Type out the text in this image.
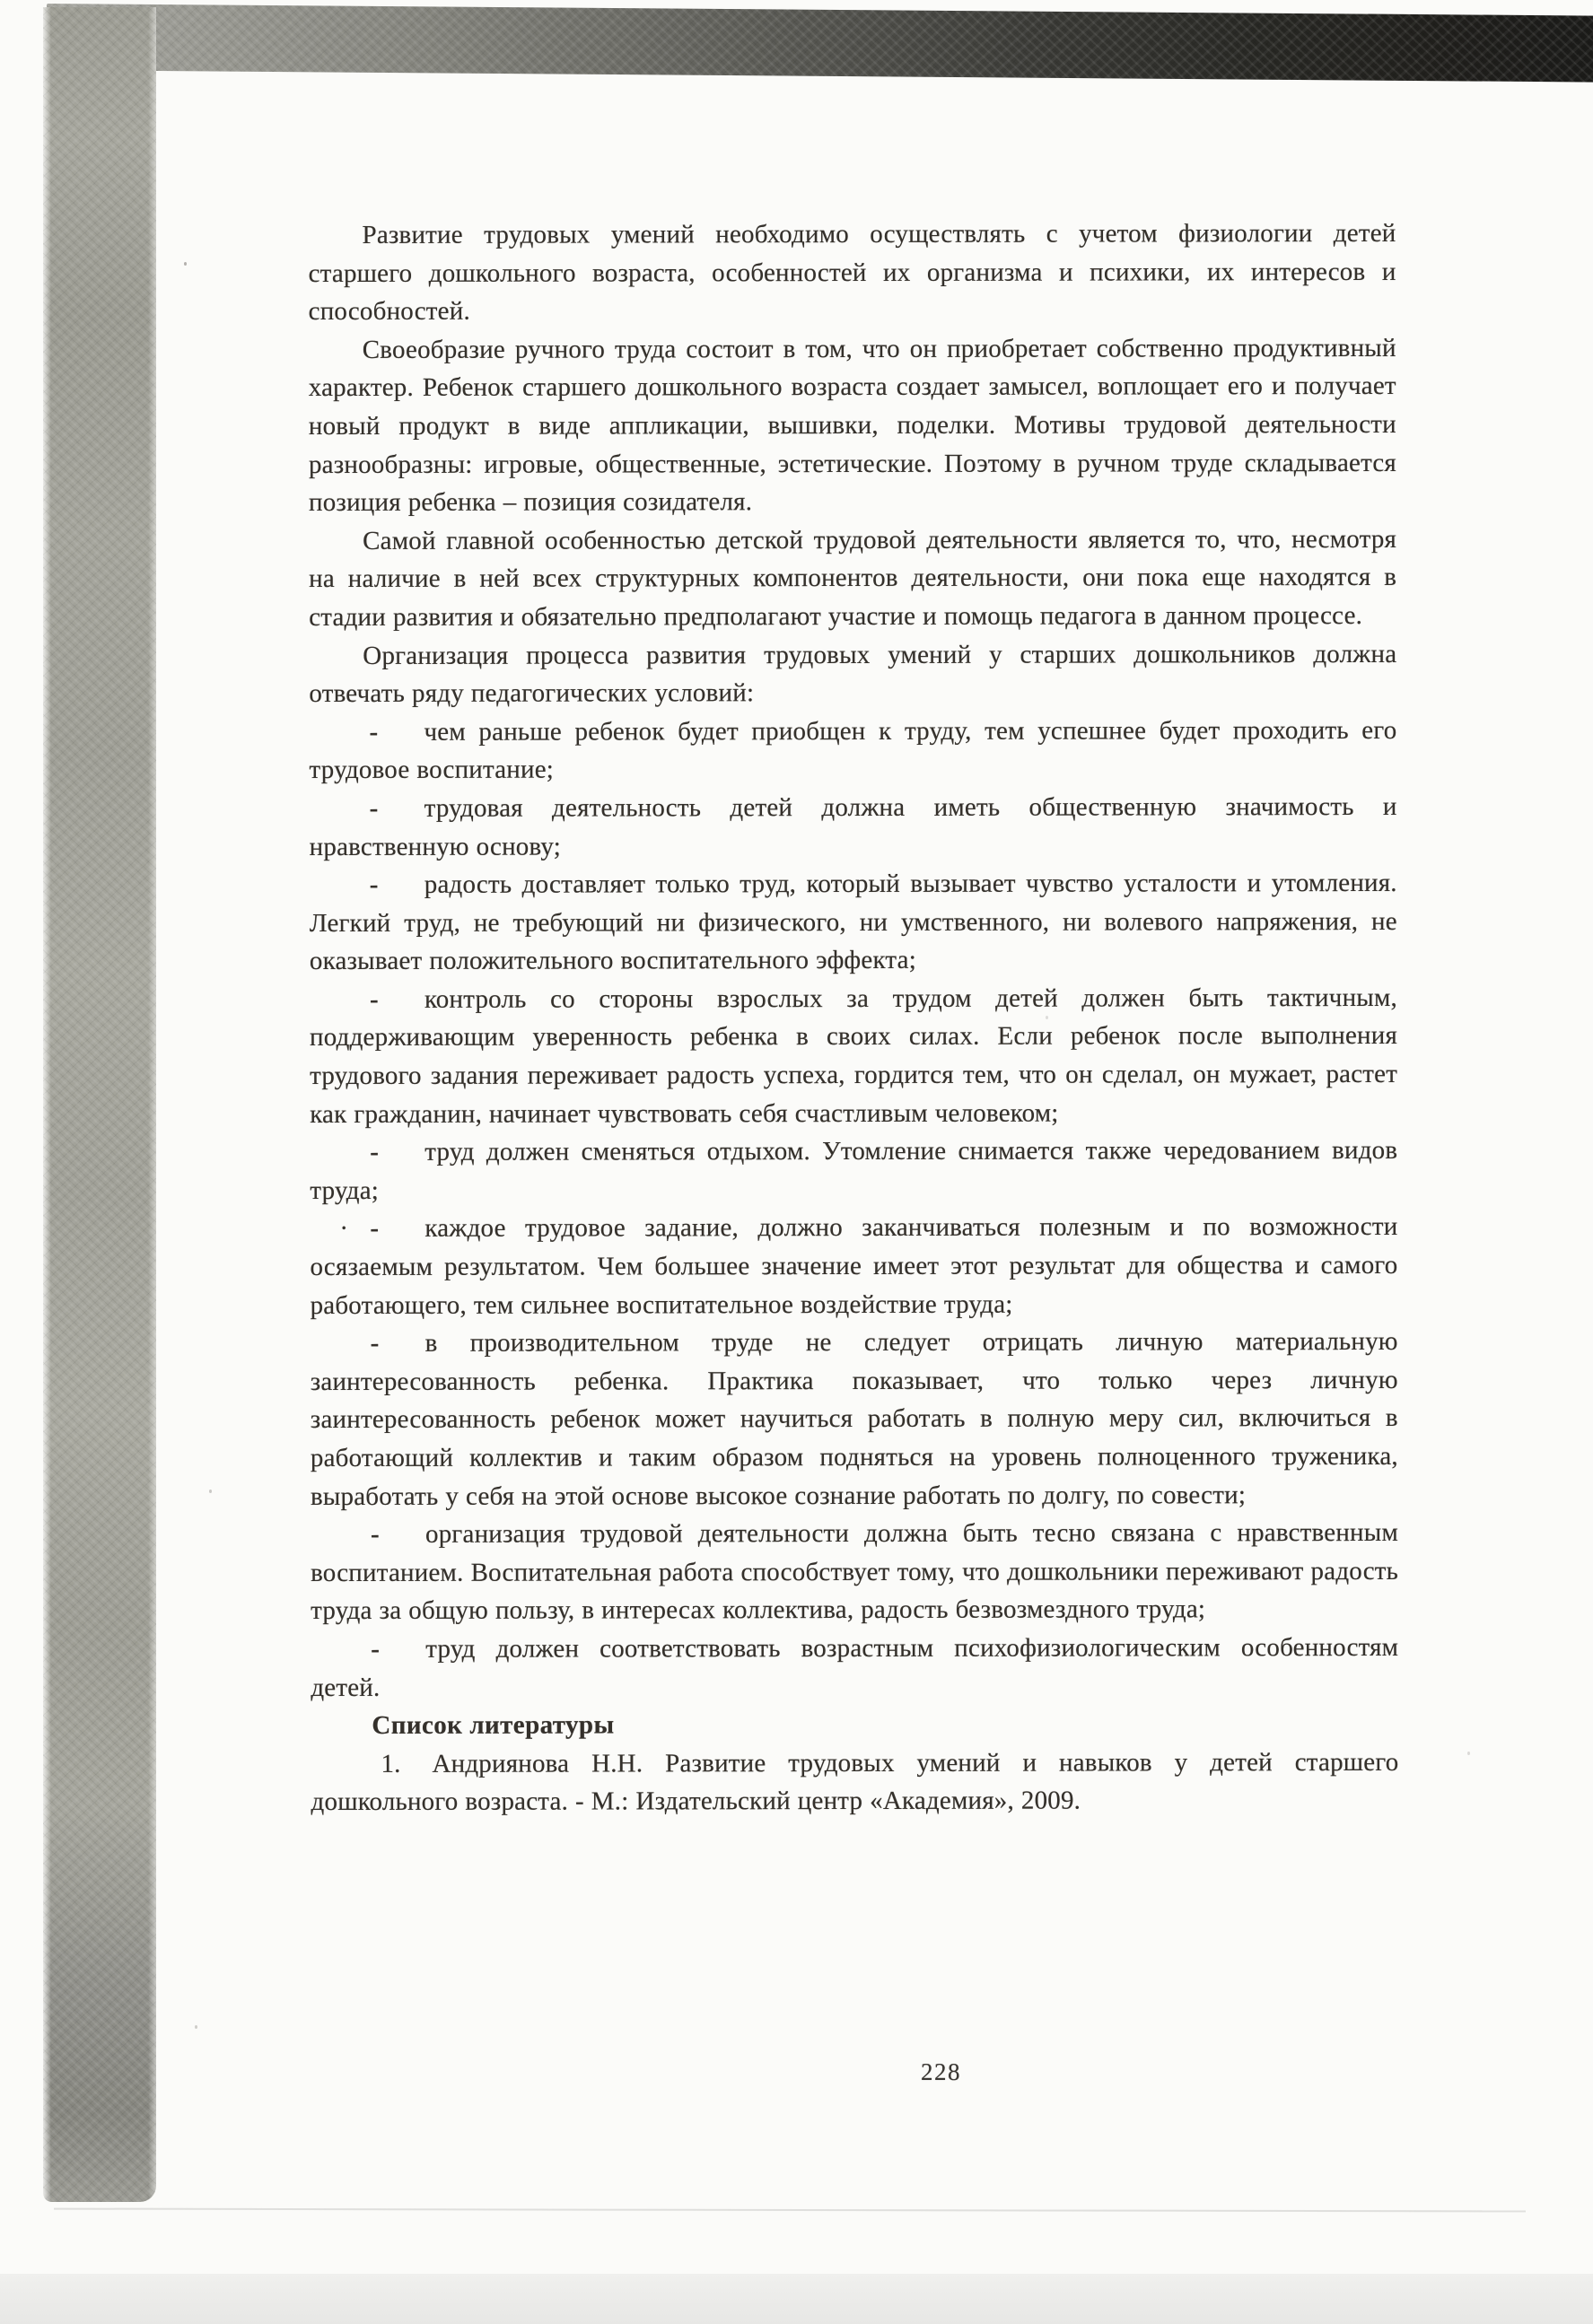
Развитие трудовых умений необходимо осуществлять с учетом физиологии детей старшего дошкольного возраста, особенностей их организма и психики, их интересов и способностей.

Своеобразие ручного труда состоит в том, что он приобретает собственно продуктивный характер. Ребенок старшего дошкольного возраста создает замысел, воплощает его и получает новый продукт в виде аппликации, вышивки, поделки. Мотивы трудовой деятельности разнообразны: игровые, общественные, эстетические. Поэтому в ручном труде складывается позиция ребенка – позиция созидателя.

Самой главной особенностью детской трудовой деятельности является то, что, несмотря на наличие в ней всех структурных компонентов деятельности, они пока еще находятся в стадии развития и обязательно предполагают участие и помощь педагога в данном процессе.

Организация процесса развития трудовых умений у старших дошкольников должна отвечать ряду педагогических условий:

- чем раньше ребенок будет приобщен к труду, тем успешнее будет проходить его трудовое воспитание;

- трудовая деятельность детей должна иметь общественную значимость и нравственную основу;

- радость доставляет только труд, который вызывает чувство усталости и утомления. Легкий труд, не требующий ни физического, ни умственного, ни волевого напряжения, не оказывает положительного воспитательного эффекта;

- контроль со стороны взрослых за трудом детей должен быть тактичным, поддерживающим уверенность ребенка в своих силах. Если ребенок после выполнения трудового задания переживает радость успеха, гордится тем, что он сделал, он мужает, растет как гражданин, начинает чувствовать себя счастливым человеком;

- труд должен сменяться отдыхом. Утомление снимается также чередованием видов труда;

· - каждое трудовое задание, должно заканчиваться полезным и по возможности осязаемым результатом. Чем большее значение имеет этот результат для общества и самого работающего, тем сильнее воспитательное воздействие труда;

- в производительном труде не следует отрицать личную материальную заинтересованность ребенка. Практика показывает, что только через личную заинтересованность ребенок может научиться работать в полную меру сил, включиться в работающий коллектив и таким образом подняться на уровень полноценного труженика, выработать у себя на этой основе высокое сознание работать по долгу, по совести;

- организация трудовой деятельности должна быть тесно связана с нравственным воспитанием. Воспитательная работа способствует тому, что дошкольники переживают радость труда за общую пользу, в интересах коллектива, радость безвозмездного труда;

- труд должен соответствовать возрастным психофизиологическим особенностям детей.

Список литературы

1. Андриянова Н.Н. Развитие трудовых умений и навыков у детей старшего дошкольного возраста. - М.: Издательский центр «Академия», 2009.

228
